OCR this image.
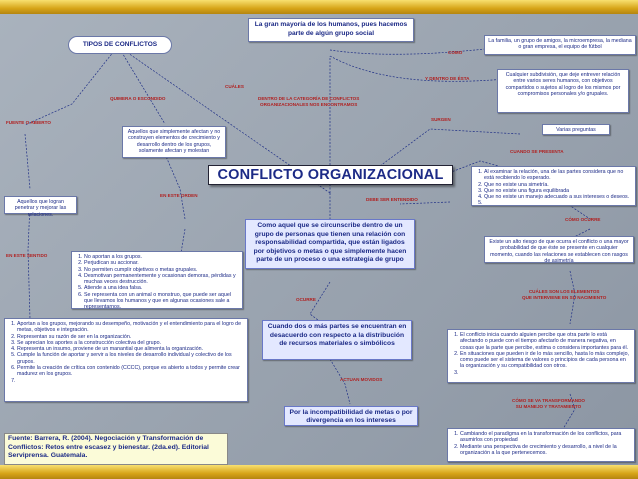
La gran mayoría de los humanos, pues hacemos parte de algún grupo social
TIPOS DE CONFLICTOS	La familia, un grupo de amigos, la microempresa, la mediana o gran empresa, el equipo de fútbol
Cualquier subdivisión, que deje entrever relación entre varios seres humanos, con objetivos compartidos o sujetos al logro de los mismos por compromisos personales y/o grupales.
Varias preguntas
Aquellos que simplemente afectan y no construyen elementos de crecimiento y desarrollo dentro de los grupos, solamente afectan y molestan
Aquellos que logran penetrar y mejorar las relaciones.
CONFLICTO ORGANIZACIONAL
1.	Al examinar la relación, una de las partes considera que no está recibiendo lo esperado.
2. Que no existe una simetría.
3. Que no existe una figura equilibrada
4. Que no existe un manejo adecuado a sus intereses o deseos.
5.
Como aquel que se circunscribe dentro de un grupo de personas que tienen una relación con responsabilidad compartida, que están ligados por objetivos o metas o que simplemente hacen parte de un proceso o una estrategia de grupo
Existe un alto riesgo de que ocurra el conflicto o una mayor probabilidad de que éste se presente en cualquier momento, cuando las relaciones se establecen con rasgos de asimetría
1. No aportan a los grupos.
2. Perjudican su accionar.
3. No permiten cumplir objetivos o metas grupales.
4. Desmotivan permanentemente y ocasionan demoras, pérdidas y muchas veces destrucción.
5. Atiende a una idea falsa.
6. Se representa con un animal o monstruo, que puede ser aquel que llevamos los humanos y que en algunas ocasiones sale a representarnos.
1. Aportan a los grupos, mejorando su desempeño, motivación y el entendimiento para el logro de metas, objetivos e integración.
2. Representan su razón de ser en la organización.
3. Se aprecian los aportes a la construcción colectiva del grupo.
4. Representa un insumo, proviene de un manantial que alimenta la organización.
5. Cumple la función de aportar y servir a los niveles de desarrollo individual y colectivo de los grupos.
6. Permite la creación de crítica con contenido (CCCC), porque es abierto a todos y permite crear madurez en los grupos.
7.
Cuando dos o más partes se encuentran en desacuerdo con respecto a la distribución de recursos materiales o simbólicos
1. El conflicto inicia cuando alguien percibe que otra parte lo está afectando o puede con el tiempo afectarlo de manera negativa, en cosas que la parte que percibe, estima o considera importantes para él.
2. En situaciones que pueden ir de lo más sencillo, hasta lo más complejo, como puede ser el sistema de valores o principios de cada persona en la organización y su compatibilidad con otros.
3.
Por la incompatibilidad de metas o por divergencia en los intereses
1. Cambiando el paradigma en la transformación de los conflictos, para asumirlos con propiedad
2. Mediante una perspectiva de crecimiento y desarrollo, a nivel de la organización a la que pertenecemos.
Fuente: Barrera, R. (2004). Negociación y Transformación de Conflictos: Retos entre escasez y bienestar. (2da.ed). Editorial Serviprensa. Guatemala.
COMO
Y DENTRO DE ÉSTA
CUÁLES
QUIMERA O ESCONDIDO	DENTRO DE LA CATEGORÍA DE CONFLICTOS
ORGANIZACIONALES NOS ENCONTRAMOS
FUENTE O ABIERTO
SURGEN
CUANDO SE PRESENTA
EN ESTE ORDEN
DEBE SER ENTENDIDO
CÓMO OCURRE
EN ESTE SENTIDO
CUÁLES SON LOS ELEMENTOS
QUE INTERVIENE EN SU NACIMIENTO
OCURRE
ACTUAN MOVIDOS
CÓMO SE VA TRANSFORMANDO
SU MANEJO Y TRATAMIENTO
